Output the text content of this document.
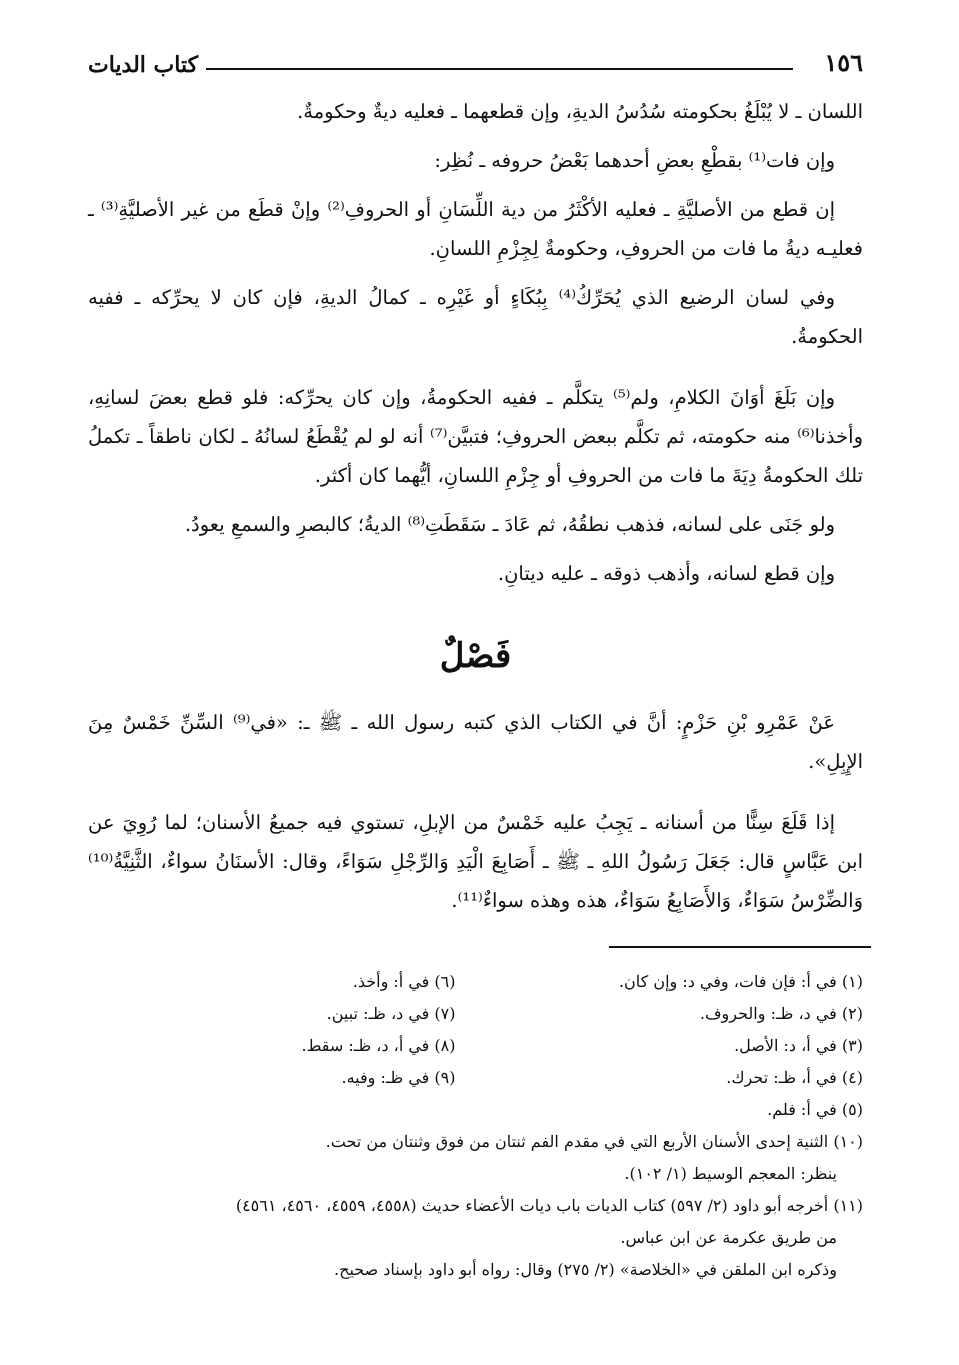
١٥٦
كتاب الديات

اللسان ـ لا يُبْلَغُ بحكومته سُدُسُ الديةِ، وإن قطعهما ـ فعليه ديةٌ وحكومةٌ.

وإن فات⁽¹⁾ بقطْعِ بعضِ أحدهما بَعْضُ حروفه ـ نُظِر:

إن قطع من الأصليَّةِ ـ فعليه الأكْثَرُ من دية اللِّسَانِ أو الحروفِ⁽²⁾ وإنْ قطَع من غير الأصليَّةِ⁽³⁾ ـ فعليـه ديةُ ما فات من الحروفِ، وحكومةٌ لِجِزْمِ اللسانِ.

وفي لسان الرضيع الذي يُحَرِّكُ⁽⁴⁾ بِبُكَاءٍ أو غَيْرِه ـ كمالُ الديةِ، فإن كان لا يحرِّكه ـ ففيه الحكومةُ.

وإن بَلَغَ أوَانَ الكلامِ، ولم⁽⁵⁾ يتكلَّم ـ ففيه الحكومةُ، وإن كان يحرِّكه: فلو قطع بعضَ لسانِهِ، وأخذنا⁽⁶⁾ منه حكومته، ثم تكلَّم ببعض الحروفِ؛ فتبيَّن⁽⁷⁾ أنه لو لم يُقْطَعُ لسانُهُ ـ لكان ناطقاً ـ تكملُ تلك الحكومةُ دِيَةَ ما فات من الحروفِ أو جِزْمِ اللسانِ، أيُّهما كان أكثر.

ولو جَنَى على لسانه، فذهب نطقُهُ، ثم عَادَ ـ سَقَطَتِ⁽⁸⁾ الديةُ؛ كالبصرِ والسمعِ يعودُ.

وإن قطع لسانه، وأذهب ذوقه ـ عليه ديتانِ.

فَصْلٌ

عَنْ عَمْرِو بْنِ حَزْمٍ: أنَّ في الكتاب الذي كتبه رسول الله ـ ﷺ ـ: «في⁽⁹⁾ السِّنِّ خَمْسٌ مِنَ الإِبِلِ».

إذا قَلَعَ سِنًّا من أسنانه ـ يَجِبُ عليه خَمْسٌ من الإبلِ، تستوي فيه جميعُ الأسنان؛ لما رُوِيَ عن ابن عَبَّاسٍ قال: جَعَلَ رَسُولُ اللهِ ـ ﷺ ـ أَصَابِعَ الْيَدِ وَالرِّجْلِ سَوَاءً، وقال: الأسنَانُ سواءٌ، الثَّنِيَّةُ⁽¹⁰⁾ وَالضِّرْسُ سَوَاءٌ، وَالأَصَابِعُ سَوَاءٌ، هذه وهذه سواءٌ⁽¹¹⁾.

(١) في أ: فإن فات، وفي د: وإن كان.
(٦) في أ: وأخذ.
(٢) في د، ظـ: والحروف.
(٧) في د، ظـ: تبين.
(٣) في أ، د: الأصل.
(٨) في أ، د، ظـ: سقط.
(٤) في أ، ظـ: تحرك.
(٩) في ظـ: وفيه.
(٥) في أ: فلم.

(١٠) الثنية إحدى الأسنان الأربع التي في مقدم الفم ثنتان من فوق وثنتان من تحت.

ينظر: المعجم الوسيط (١/ ١٠٢).

(١١) أخرجه أبو داود (٢/ ٥٩٧) كتاب الديات باب ديات الأعضاء حديث (٤٥٥٨، ٤٥٥٩، ٤٥٦٠، ٤٥٦١)

من طريق عكرمة عن ابن عباس.

وذكره ابن الملقن في «الخلاصة» (٢/ ٢٧٥) وقال: رواه أبو داود بإسناد صحيح.
